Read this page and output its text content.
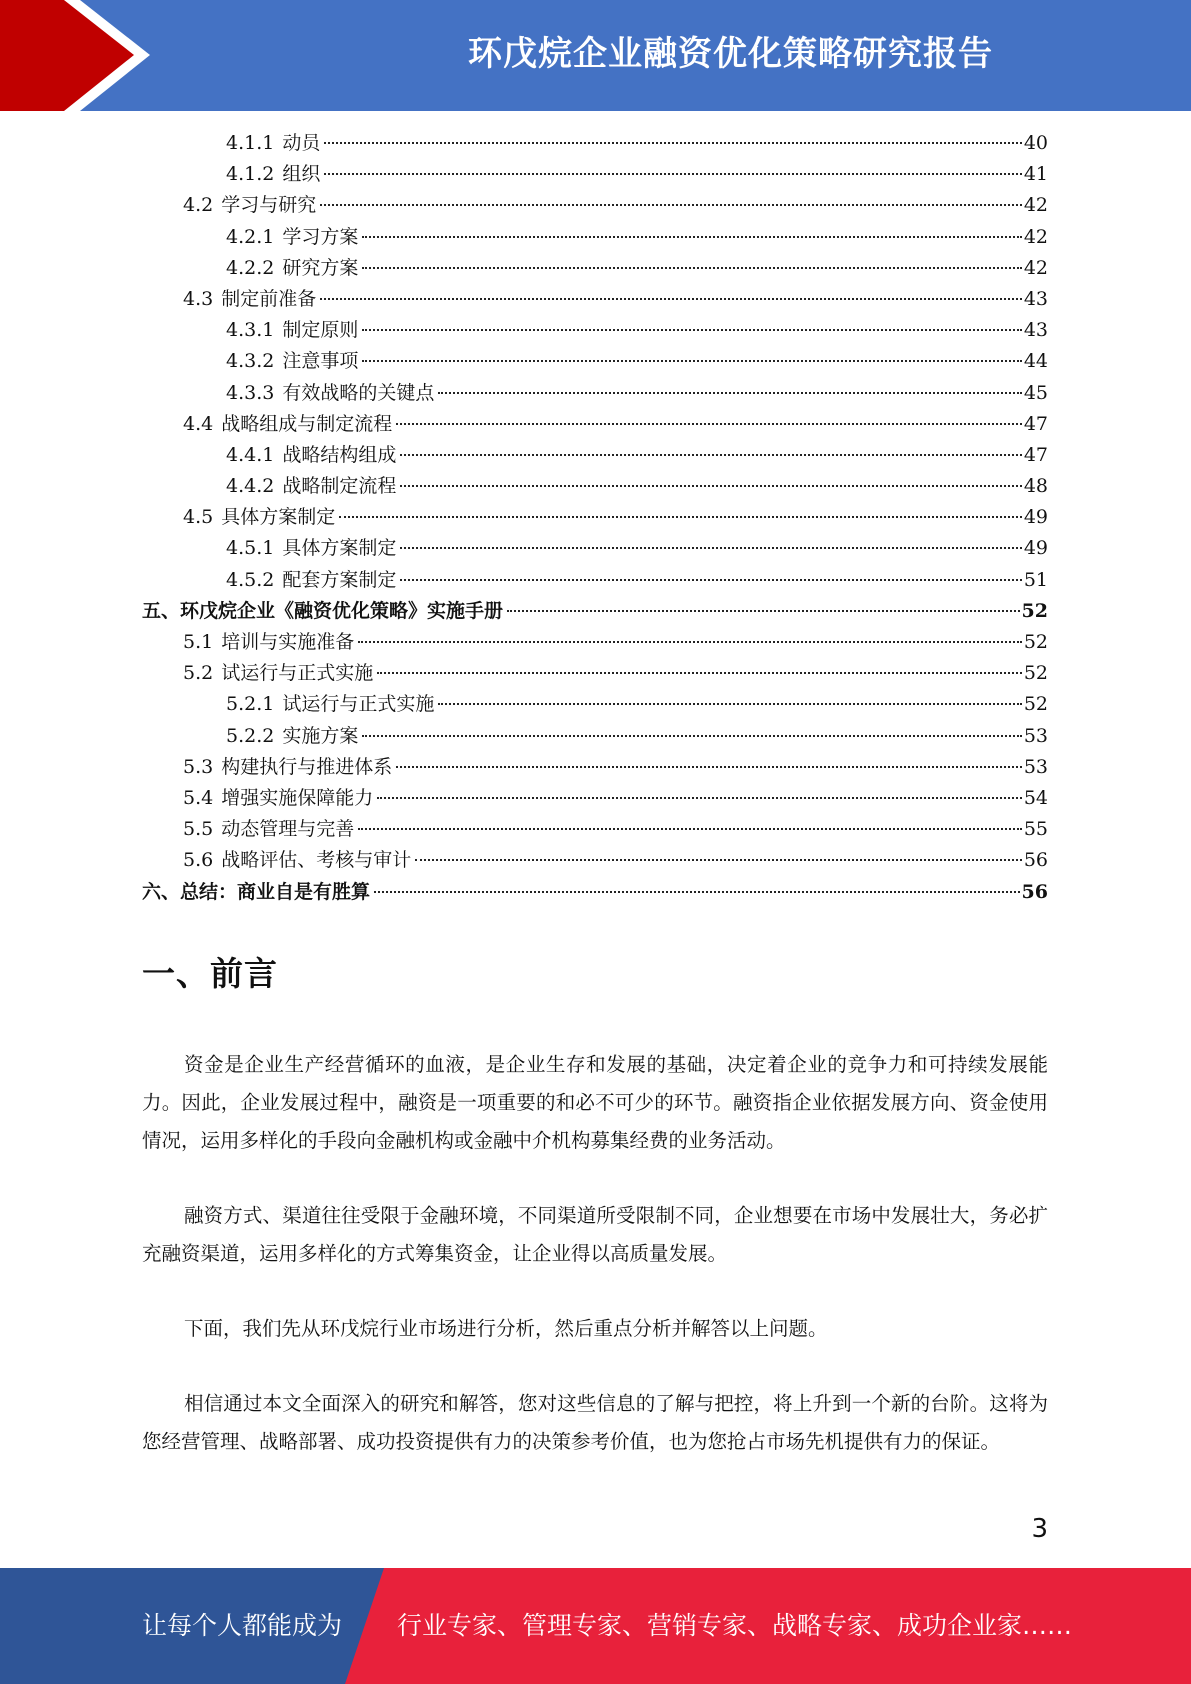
环戊烷企业融资优化策略研究报告
4.1.1 动员	40
4.1.2 组织	41
4.2 学习与研究	42
4.2.1 学习方案	42
4.2.2 研究方案	42
4.3 制定前准备	43
4.3.1 制定原则	43
4.3.2 注意事项	44
4.3.3 有效战略的关键点	45
4.4 战略组成与制定流程	47
4.4.1 战略结构组成	47
4.4.2 战略制定流程	48
4.5 具体方案制定	49
4.5.1 具体方案制定	49
4.5.2 配套方案制定	51
五、环戊烷企业《融资优化策略》实施手册	52
5.1 培训与实施准备	52
5.2 试运行与正式实施	52
5.2.1 试运行与正式实施	52
5.2.2 实施方案	53
5.3 构建执行与推进体系	53
5.4 增强实施保障能力	54
5.5 动态管理与完善	55
5.6 战略评估、考核与审计	56
六、总结：商业自是有胜算	56
一、前言

资金是企业生产经营循环的血液，是企业生存和发展的基础，决定着企业的竞争力和可持续发展能力。因此，企业发展过程中，融资是一项重要的和必不可少的环节。融资指企业依据发展方向、资金使用情况，运用多样化的手段向金融机构或金融中介机构募集经费的业务活动。

融资方式、渠道往往受限于金融环境，不同渠道所受限制不同，企业想要在市场中发展壮大，务必扩充融资渠道，运用多样化的方式筹集资金，让企业得以高质量发展。

下面，我们先从环戊烷行业市场进行分析，然后重点分析并解答以上问题。

相信通过本文全面深入的研究和解答，您对这些信息的了解与把控，将上升到一个新的台阶。这将为您经营管理、战略部署、成功投资提供有力的决策参考价值，也为您抢占市场先机提供有力的保证。

3
让每个人都能成为 行业专家、管理专家、营销专家、战略专家、成功企业家……
